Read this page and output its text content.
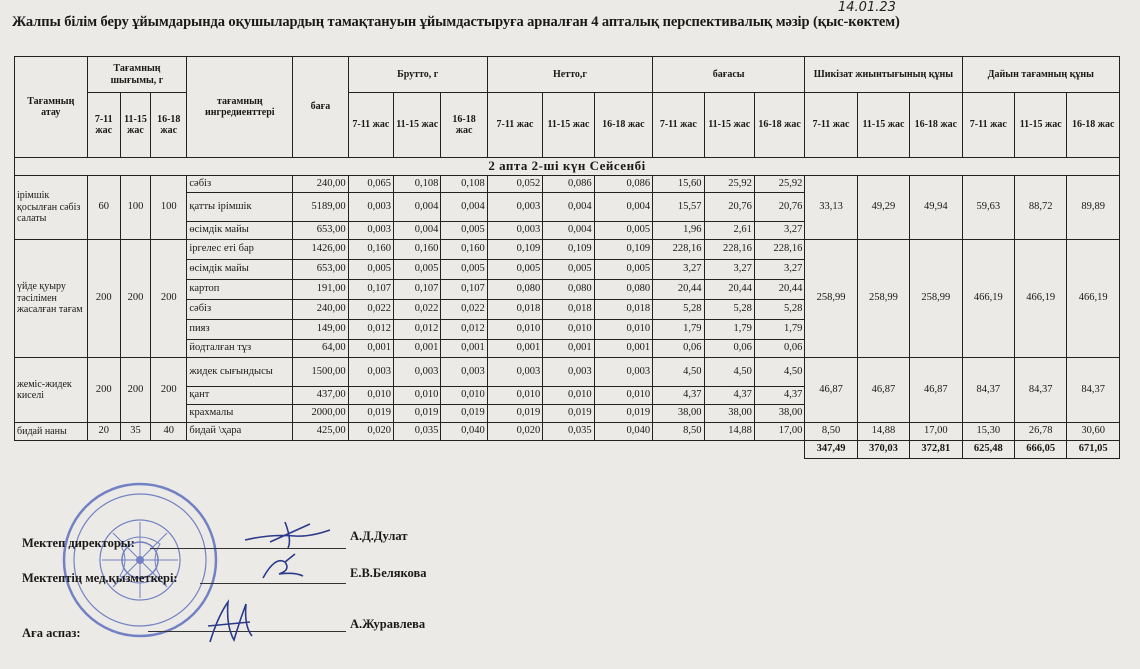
14.01.23
Жалпы білім беру ұйымдарында оқушылардың тамақтануын ұйымдастыруға арналған 4 апталық перспективалық мәзір (қыс-көктем)
Тағамның атау	Тағамның шығымы, г			тағамның ингредиенттері	бағa	Брутто, г			Нетто,г			бағасы			Шикізат жиынтығының құны			Дайын тағамның құны		
	7-11 жас	11-15 жас	16-18 жас			7-11 жас	11-15 жас	16-18 жас	7-11 жас	11-15 жас	16-18 жас	7-11 жас	11-15 жас	16-18 жас	7-11 жас	11-15 жас	16-18 жас	7-11 жас	11-15 жас	16-18 жас
2 апта 2-ші күн Сейсенбі																				
ірімшік қосылған сәбіз салаты	60	100	100	сәбіз	240,00	0,065	0,108	0,108	0,052	0,086	0,086	15,60	25,92	25,92	33,13	49,29	49,94	59,63	88,72	89,89
				қатты ірімшік	5189,00	0,003	0,004	0,004	0,003	0,004	0,004	15,57	20,76	20,76						
				өсімдік майы	653,00	0,003	0,004	0,005	0,003	0,004	0,005	1,96	2,61	3,27						
үйде қуыру тәсілімен жасалған тағам	200	200	200	іргелес еті бар	1426,00	0,160	0,160	0,160	0,109	0,109	0,109	228,16	228,16	228,16	258,99	258,99	258,99	466,19	466,19	466,19
				өсімдік майы	653,00	0,005	0,005	0,005	0,005	0,005	0,005	3,27	3,27	3,27						
				картоп	191,00	0,107	0,107	0,107	0,080	0,080	0,080	20,44	20,44	20,44						
				сәбіз	240,00	0,022	0,022	0,022	0,018	0,018	0,018	5,28	5,28	5,28						
				пияз	149,00	0,012	0,012	0,012	0,010	0,010	0,010	1,79	1,79	1,79						
				йодталған тұз	64,00	0,001	0,001	0,001	0,001	0,001	0,001	0,06	0,06	0,06						
жеміс-жидек киселі	200	200	200	жидек сығындысы	1500,00	0,003	0,003	0,003	0,003	0,003	0,003	4,50	4,50	4,50	46,87	46,87	46,87	84,37	84,37	84,37
				қант	437,00	0,010	0,010	0,010	0,010	0,010	0,010	4,37	4,37	4,37						
				крахмалы	2000,00	0,019	0,019	0,019	0,019	0,019	0,019	38,00	38,00	38,00						
бидай наны	20	35	40	бидай \ҳара	425,00	0,020	0,035	0,040	0,020	0,035	0,040	8,50	14,88	17,00	8,50	14,88	17,00	15,30	26,78	30,60
															347,49	370,03	372,81	625,48	666,05	671,05
Мектеп директоры:	А.Д.Дулат
Мектептің мед.қызметкері:	Е.В.Белякова
Аға аспаз:
А.Журавлева
